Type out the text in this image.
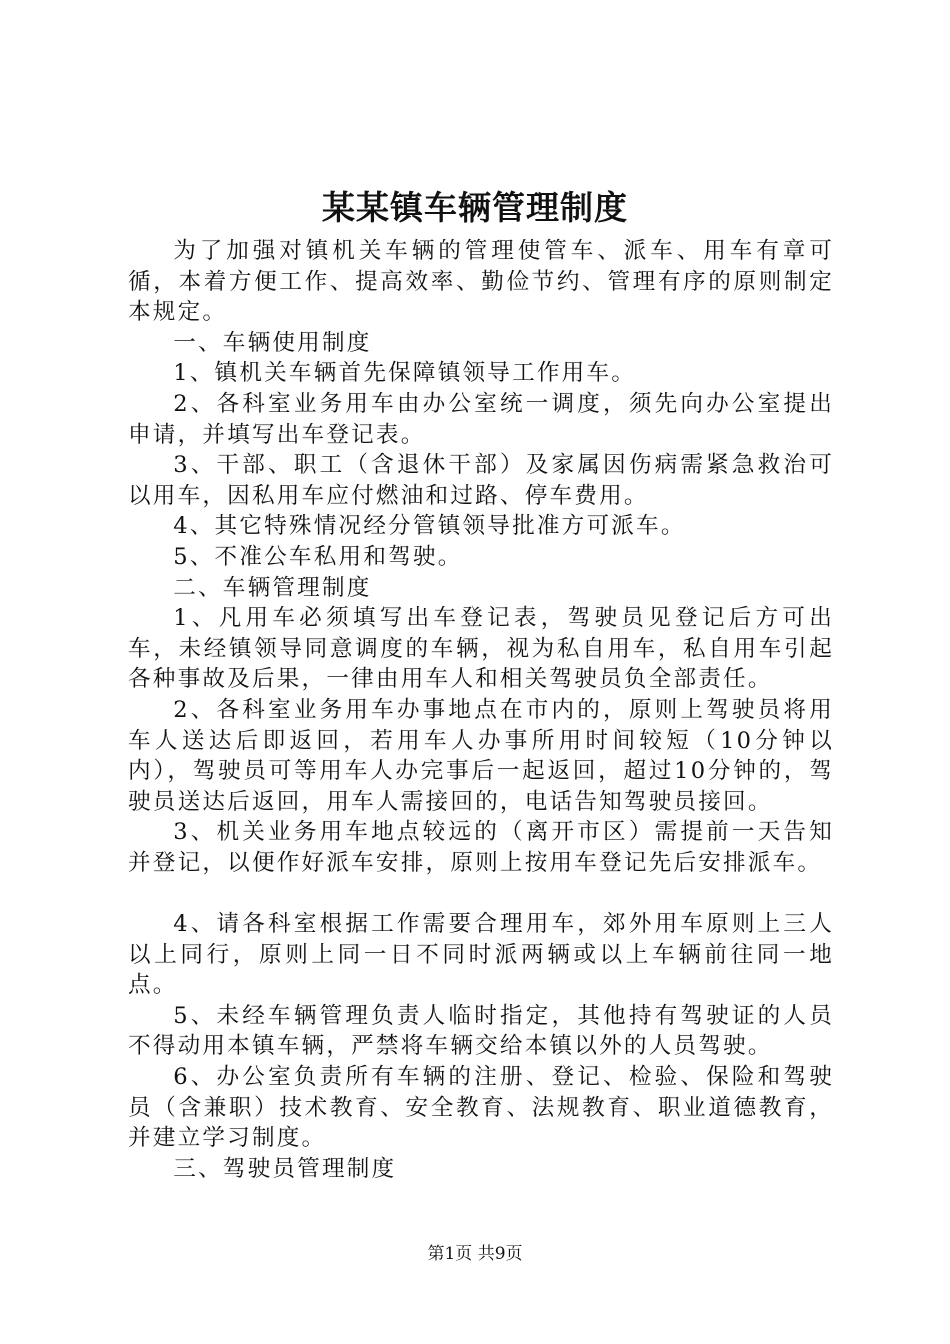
某某镇车辆管理制度

为了加强对镇机关车辆的管理使管车、派车、用车有章可循，本着方便工作、提高效率、勤俭节约、管理有序的原则制定本规定。

一、车辆使用制度

1、镇机关车辆首先保障镇领导工作用车。

2、各科室业务用车由办公室统一调度，须先向办公室提出申请，并填写出车登记表。

3、干部、职工（含退休干部）及家属因伤病需紧急救治可以用车，因私用车应付燃油和过路、停车费用。

4、其它特殊情况经分管镇领导批准方可派车。

5、不准公车私用和驾驶。

二、车辆管理制度

1、凡用车必须填写出车登记表，驾驶员见登记后方可出车，未经镇领导同意调度的车辆，视为私自用车，私自用车引起各种事故及后果，一律由用车人和相关驾驶员负全部责任。

2、各科室业务用车办事地点在市内的，原则上驾驶员将用车人送达后即返回，若用车人办事所用时间较短（10分钟以内），驾驶员可等用车人办完事后一起返回，超过10分钟的，驾驶员送达后返回，用车人需接回的，电话告知驾驶员接回。

3、机关业务用车地点较远的（离开市区）需提前一天告知并登记，以便作好派车安排，原则上按用车登记先后安排派车。

4、请各科室根据工作需要合理用车，郊外用车原则上三人以上同行，原则上同一日不同时派两辆或以上车辆前往同一地点。

5、未经车辆管理负责人临时指定，其他持有驾驶证的人员不得动用本镇车辆，严禁将车辆交给本镇以外的人员驾驶。

6、办公室负责所有车辆的注册、登记、检验、保险和驾驶员（含兼职）技术教育、安全教育、法规教育、职业道德教育，并建立学习制度。

三、驾驶员管理制度

第1页 共9页
